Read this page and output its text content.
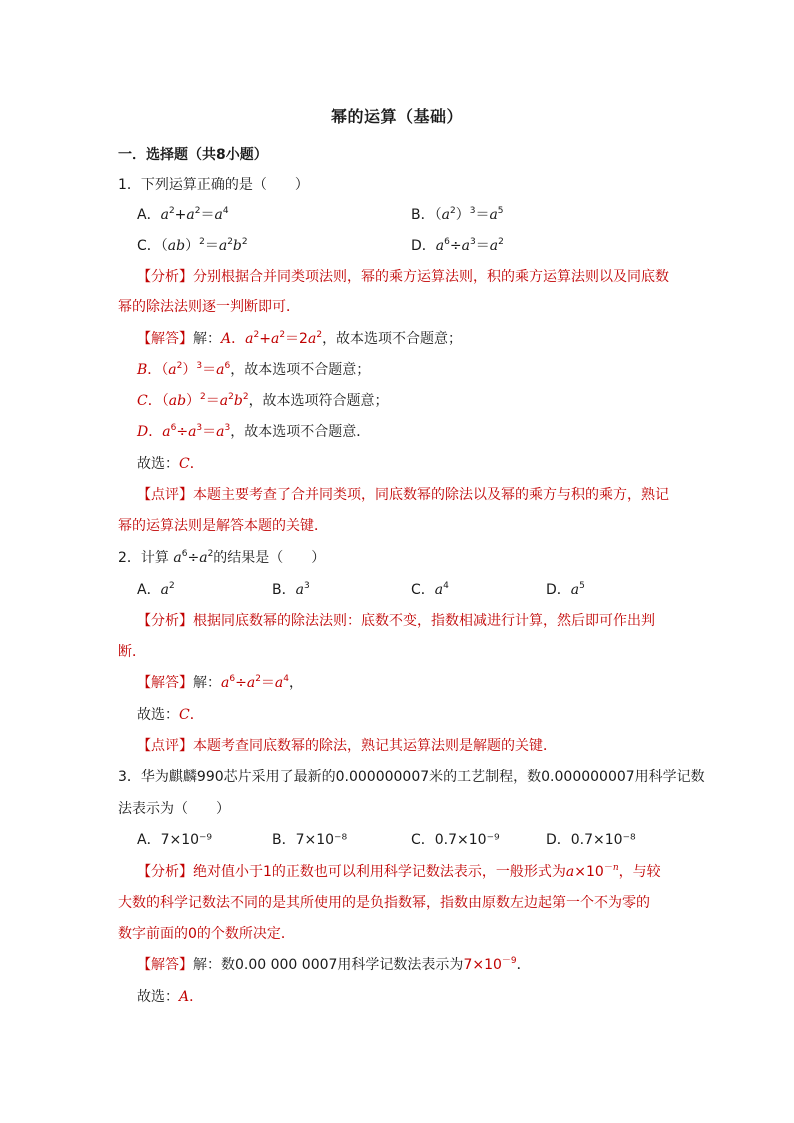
幂的运算（基础）
一．选择题（共8小题）
1．下列运算正确的是（　　）
A．$a^2+a^2=a^4$	B．$(a^2)^3=a^5$
C．$(ab)^2=a^2b^2$	D．$a^6\div a^3=a^2$
【分析】分别根据合并同类项法则，幂的乘方运算法则，积的乘方运算法则以及同底数
幂的除法法则逐一判断即可．
【解答】解：A．$a^2+a^2=2a^2$，故本选项不合题意；
B．$(a^2)^3=a^6$，故本选项不合题意；
C．$(ab)^2=a^2b^2$，故本选项符合题意；
D．$a^6\div a^3=a^3$，故本选项不合题意．
故选：C．
【点评】本题主要考查了合并同类项，同底数幂的除法以及幂的乘方与积的乘方，熟记
幂的运算法则是解答本题的关键．
2．计算 $a^6\div a^2$的结果是（　　）
A．$a^2$	B．$a^3$	C．$a^4$	D．$a^5$
【分析】根据同底数幂的除法法则：底数不变，指数相减进行计算，然后即可作出判
断．
【解答】解：$a^6\div a^2=a^4$，
故选：C．
【点评】本题考查同底数幂的除法，熟记其运算法则是解题的关键．
3．华为麒麟990芯片采用了最新的0.000000007米的工艺制程，数0.000000007用科学记数
法表示为（　　）
A．7×10⁻⁹	B．7×10⁻⁸	C．0.7×10⁻⁹	D．0.7×10⁻⁸
【分析】绝对值小于1的正数也可以利用科学记数法表示，一般形式为$a\times 10^{-n}$，与较
大数的科学记数法不同的是其所使用的是负指数幂，指数由原数左边起第一个不为零的
数字前面的0的个数所决定．
【解答】解：数0.00 000 0007用科学记数法表示为$7\times 10^{-9}$．
故选：A．
